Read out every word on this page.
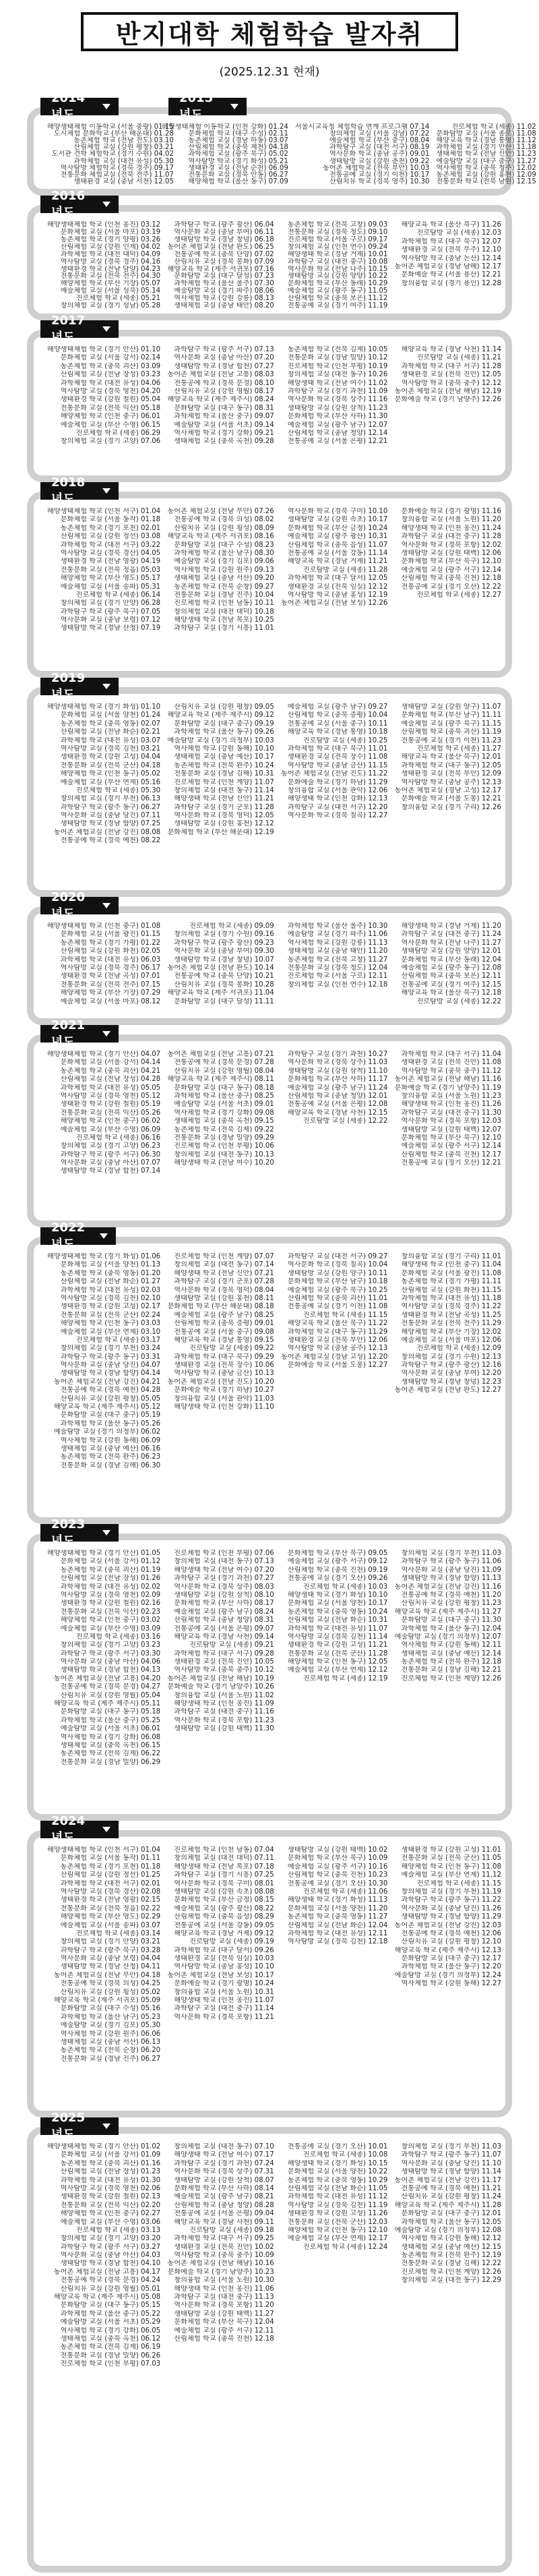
반지대학 체험학습 발자취
(2025.12.31 현재)
2014 년도
해양생태체험 이동학교 (서울 중랑) 01.15
도시체험 문화학교 (부산 해운대) 01.28
농촌체험 학교 (전남 진도) 03.10
산림체험 교실 (강원 평창) 03.21
도서관 견학 체험학교 (경기 수원) 04.02
과학체험 교실 (대전 유성) 05.30
역사탐방 체험학교 (경북 경주) 09.17
전통문화 체험교실 (전북 전주) 11.07
생태환경 교실 (충남 서천) 12.05
2015 년도
해양생태체험 이동학교 (인천 강화) 01.24
문화체험 학교 (대구 수성) 02.11
농촌체험 교실 (경남 하동) 03.07
산림체험 학교 (충북 제천) 04.18
과학체험 교실 (광주 북구) 05.02
역사탐방 학교 (경기 화성) 05.21
생태환경 교실 (전남 순천) 06.09
전통문화 교실 (경북 안동) 06.27
해양체험 학교 (울산 동구) 07.09
서울시교육청 체험학습 연계 프로그램 07.14
창의체험 교실 (서울 강남) 07.22
예술체험 학교 (부산 중구) 08.04
과학탐구 교실 (대전 서구) 08.19
역사문화 학교 (충남 공주) 09.01
생태탐방 교실 (강원 춘천) 09.22
농어촌 체험학교 (전북 부안) 10.03
전통공예 교실 (경기 이천) 10.17
산림치유 학교 (경북 영주) 10.30
진로체험 학교 (세종) 11.02
문화탐방 교실 (서울 종로) 11.08
해양교육 학교 (경남 통영) 11.12
과학체험 교실 (경기 안산) 11.18
생태체험 학교 (전남 신안) 11.23
예술탐방 교실 (대구 중구) 11.27
역사체험 학교 (충북 청주) 12.02
농촌체험 교실 (강원 홍천) 12.09
전통문화 학교 (전북 남원) 12.15
2016 년도
해양생태체험 학교 (인천 옹진) 03.12
문화체험 교실 (서울 마포) 03.19
농촌체험 학교 (경기 양평) 03.26
산림체험 교실 (강원 인제) 04.02
과학체험 학교 (대전 대덕) 04.09
역사탐방 교실 (경북 경주) 04.16
생태환경 학교 (전남 담양) 04.23
전통문화 교실 (전북 전주) 04.30
해양체험 학교 (부산 기장) 05.07
예술체험 교실 (서울 성북) 05.14
진로체험 학교 (세종) 05.21
창의체험 교실 (경기 성남) 05.28
과학탐구 학교 (광주 광산) 06.04
역사문화 교실 (충남 부여) 06.11
생태탐방 학교 (경남 창녕) 06.18
농어촌 체험교실 (전남 완도) 06.25
전통공예 학교 (충북 단양) 07.02
산림치유 교실 (경북 봉화) 07.09
해양교육 학교 (제주 서귀포) 07.16
문화탐방 교실 (대구 달성) 07.23
과학체험 학교 (울산 울주) 07.30
예술탐방 교실 (경기 파주) 08.06
역사체험 학교 (강원 강릉) 08.13
생태체험 교실 (충남 태안) 08.20
농촌체험 학교 (전북 고창) 09.03
전통문화 교실 (경북 청도) 09.10
진로체험 학교 (서울 구로) 09.17
창의체험 교실 (인천 연수) 09.24
해양생태 학교 (경남 거제) 10.01
과학탐구 교실 (대전 중구) 10.08
역사문화 학교 (전남 나주) 10.15
생태탐방 교실 (강원 양양) 10.22
문화체험 학교 (부산 동래) 10.29
예술체험 교실 (광주 동구) 11.05
산림체험 학교 (충북 보은) 11.12
전통공예 교실 (경기 여주) 11.19
해양교육 학교 (울산 북구) 11.26
진로탐방 교실 (세종) 12.03
과학체험 학교 (대구 북구) 12.07
생태환경 교실 (전북 무주) 12.10
역사탐방 학교 (충남 논산) 12.14
농어촌 체험교실 (경남 남해) 12.17
문화예술 학교 (서울 용산) 12.21
창의융합 교실 (경기 용인) 12.28
2017 년도
해양생태체험 학교 (경기 안산) 01.10
문화체험 교실 (서울 강서) 02.14
농촌체험 학교 (충북 괴산) 03.09
산림체험 교실 (전남 장성) 03.23
과학체험 학교 (대전 유성) 04.06
역사탐방 교실 (경북 영천) 04.20
생태환경 학교 (강원 철원) 05.04
전통문화 교실 (전북 익산) 05.18
해양체험 학교 (인천 중구) 06.01
예술체험 교실 (부산 수영) 06.15
진로체험 학교 (세종) 06.29
창의체험 교실 (경기 고양) 07.06
과학탐구 학교 (광주 서구) 07.13
역사문화 교실 (충남 아산) 07.20
생태탐방 학교 (경남 합천) 07.27
농어촌 체험교실 (전남 고흥) 08.03
전통공예 학교 (경북 문경) 08.10
산림치유 교실 (강원 영월) 08.17
해양교육 학교 (제주 제주시) 08.24
문화탐방 교실 (대구 동구) 08.31
과학체험 학교 (울산 중구) 09.07
예술탐방 교실 (서울 서초) 09.14
역사체험 학교 (경기 강화) 09.21
생태체험 교실 (충북 옥천) 09.28
농촌체험 학교 (전북 김제) 10.05
전통문화 교실 (경남 밀양) 10.12
진로체험 학교 (인천 부평) 10.19
창의체험 교실 (대전 동구) 10.26
해양생태 학교 (전남 여수) 11.02
과학탐구 교실 (경기 과천) 11.09
역사문화 학교 (경북 상주) 11.16
생태탐방 교실 (강원 삼척) 11.23
문화체험 학교 (부산 사하) 11.30
예술체험 교실 (광주 남구) 12.07
산림체험 학교 (충남 청양) 12.14
전통공예 교실 (서울 은평) 12.21
해양교육 학교 (경남 사천) 11.14
진로탐방 교실 (세종) 11.21
과학체험 학교 (대구 서구) 11.28
생태환경 교실 (전북 진안) 12.05
역사탐방 학교 (충북 충주) 12.12
농어촌 체험교실 (전남 해남) 12.19
문화예술 학교 (경기 남양주) 12.26
2018 년도
해양생태체험 학교 (인천 서구) 01.04
문화체험 교실 (서울 동작) 01.18
농촌체험 학교 (경기 포천) 02.01
산림체험 교실 (강원 정선) 03.08
과학체험 학교 (대전 서구) 03.22
역사탐방 교실 (경북 경산) 04.05
생태환경 학교 (전남 영광) 04.19
전통문화 교실 (전북 정읍) 05.03
해양체험 학교 (부산 영도) 05.17
예술체험 교실 (서울 송파) 05.31
진로체험 학교 (세종) 06.14
창의체험 교실 (경기 안양) 06.28
과학탐구 학교 (광주 북구) 07.05
역사문화 교실 (충남 보령) 07.12
생태탐방 학교 (경남 산청) 07.19
농어촌 체험교실 (전남 무안) 07.26
전통공예 학교 (경북 의성) 08.02
산림치유 교실 (강원 횡성) 08.09
해양교육 학교 (제주 서귀포) 08.16
문화탐방 교실 (대구 수성) 08.23
과학체험 학교 (울산 남구) 08.30
예술탐방 교실 (경기 김포) 09.06
역사체험 학교 (강원 원주) 09.13
생태체험 교실 (충남 서산) 09.20
농촌체험 학교 (전북 순창) 09.27
전통문화 교실 (경남 진주) 10.04
진로체험 학교 (인천 남동) 10.11
창의체험 교실 (대전 대덕) 10.18
해양생태 학교 (전남 목포) 10.25
과학탐구 교실 (경기 시흥) 11.01
역사문화 학교 (경북 구미) 10.10
생태탐방 교실 (강원 속초) 10.17
문화체험 학교 (부산 금정) 10.24
예술체험 교실 (광주 광산) 10.31
산림체험 학교 (충북 음성) 11.07
전통공예 교실 (서울 강동) 11.14
해양교육 학교 (경남 거제) 11.21
진로탐방 교실 (세종) 11.28
과학체험 학교 (대구 달서) 12.05
생태환경 교실 (전북 임실) 12.12
역사탐방 학교 (충남 홍성) 12.19
농어촌 체험교실 (전남 보성) 12.26
문화예술 학교 (경기 광명) 11.16
창의융합 교실 (서울 노원) 11.20
해양생태 학교 (인천 옹진) 11.24
과학탐구 교실 (대전 중구) 11.28
역사문화 학교 (경북 포항) 12.02
생태탐방 교실 (강원 태백) 12.06
문화체험 학교 (부산 북구) 12.10
예술체험 교실 (광주 서구) 12.14
산림체험 학교 (충북 진천) 12.18
전통공예 교실 (경기 오산) 12.22
진로체험 학교 (세종) 12.27
2019 년도
해양생태체험 학교 (경기 화성) 01.10
문화체험 교실 (서울 양천) 01.24
농촌체험 학교 (충북 영동) 02.07
산림체험 교실 (전남 화순) 02.21
과학체험 학교 (대전 유성) 03.07
역사탐방 교실 (경북 김천) 03.21
생태환경 학교 (강원 고성) 04.04
전통문화 교실 (전북 군산) 04.18
해양체험 학교 (인천 동구) 05.02
예술체험 교실 (부산 연제) 05.16
진로체험 학교 (세종) 05.30
창의체험 교실 (경기 부천) 06.13
과학탐구 학교 (광주 동구) 06.27
역사문화 교실 (충남 당진) 07.11
생태탐방 학교 (경남 함양) 07.25
농어촌 체험교실 (전남 강진) 08.08
전통공예 학교 (경북 예천) 08.22
산림치유 교실 (강원 평창) 09.05
해양교육 학교 (제주 제주시) 09.12
문화탐방 교실 (대구 중구) 09.19
과학체험 학교 (울산 동구) 09.26
예술탐방 교실 (경기 의정부) 10.03
역사체험 학교 (강원 동해) 10.10
생태체험 교실 (충남 예산) 10.17
농촌체험 학교 (전북 완주) 10.24
전통문화 교실 (경남 김해) 10.31
진로체험 학교 (인천 계양) 11.07
창의체험 교실 (대전 동구) 11.14
해양생태 학교 (전남 신안) 11.21
과학탐구 교실 (경기 군포) 11.28
역사문화 학교 (경북 영덕) 12.05
생태탐방 교실 (강원 홍천) 12.12
문화체험 학교 (부산 해운대) 12.19
예술체험 교실 (광주 남구) 09.27
산림체험 학교 (충북 증평) 10.04
전통공예 교실 (서울 중구) 10.11
해양교육 학교 (경남 통영) 10.18
진로탐방 교실 (세종) 10.25
과학체험 학교 (대구 북구) 11.01
생태환경 교실 (전북 장수) 11.08
역사탐방 학교 (충남 금산) 11.15
농어촌 체험교실 (전남 진도) 11.22
문화예술 학교 (경기 하남) 11.29
창의융합 교실 (서울 관악) 12.06
해양생태 학교 (인천 강화) 12.13
과학탐구 교실 (대전 서구) 12.20
역사문화 학교 (경북 칠곡) 12.27
생태탐방 교실 (강원 양구) 11.07
문화체험 학교 (부산 남구) 11.11
예술체험 교실 (광주 북구) 11.15
산림체험 학교 (충북 괴산) 11.19
전통공예 교실 (경기 이천) 11.23
진로체험 학교 (세종) 11.27
해양교육 학교 (울산 북구) 12.01
과학체험 학교 (대구 동구) 12.05
생태환경 교실 (전북 부안) 12.09
역사탐방 학교 (충남 공주) 12.13
농어촌 체험교실 (경남 고성) 12.17
문화예술 학교 (서울 도봉) 12.21
창의융합 교실 (경기 구리) 12.26
2020 년도
해양생태체험 학교 (인천 중구) 01.08
문화체험 교실 (서울 광진) 01.15
농촌체험 학교 (경기 가평) 01.22
산림체험 교실 (강원 화천) 02.05
과학체험 학교 (대전 유성) 06.03
역사탐방 교실 (경북 경주) 06.17
생태환경 학교 (전남 곡성) 07.01
전통문화 교실 (전북 전주) 07.15
해양체험 학교 (부산 기장) 07.29
예술체험 교실 (서울 마포) 08.12
진로체험 학교 (세종) 09.09
창의체험 교실 (경기 수원) 09.16
과학탐구 학교 (광주 광산) 09.23
역사문화 교실 (충남 부여) 09.30
생태탐방 학교 (경남 창녕) 10.07
농어촌 체험교실 (전남 완도) 10.14
전통공예 학교 (충북 단양) 10.21
산림치유 교실 (경북 봉화) 10.28
해양교육 학교 (제주 서귀포) 11.04
문화탐방 교실 (대구 달성) 11.11
과학체험 학교 (울산 울주) 10.30
예술탐방 교실 (경기 파주) 11.06
역사체험 학교 (강원 강릉) 11.13
생태체험 교실 (충남 태안) 11.20
농촌체험 학교 (전북 고창) 11.27
전통문화 교실 (경북 청도) 12.04
진로체험 학교 (서울 구로) 12.11
창의체험 교실 (인천 연수) 12.18
해양생태 학교 (경남 거제) 11.20
과학탐구 교실 (대전 중구) 11.24
역사문화 학교 (전남 나주) 11.27
생태탐방 교실 (강원 양양) 12.01
문화체험 학교 (부산 동래) 12.04
예술체험 교실 (광주 동구) 12.08
산림체험 학교 (충북 보은) 12.11
전통공예 교실 (경기 여주) 12.15
해양교육 학교 (울산 북구) 12.18
진로탐방 교실 (세종) 12.22
2021 년도
해양생태체험 학교 (경기 안산) 04.07
문화체험 교실 (서울 강서) 04.14
농촌체험 학교 (충북 괴산) 04.21
산림체험 교실 (전남 장성) 04.28
과학체험 학교 (대전 유성) 05.05
역사탐방 교실 (경북 영천) 05.12
생태환경 학교 (강원 철원) 05.19
전통문화 교실 (전북 익산) 05.26
해양체험 학교 (인천 중구) 06.02
예술체험 교실 (부산 수영) 06.09
진로체험 학교 (세종) 06.16
창의체험 교실 (경기 고양) 06.23
과학탐구 학교 (광주 서구) 06.30
역사문화 교실 (충남 아산) 07.07
생태탐방 학교 (경남 합천) 07.14
농어촌 체험교실 (전남 고흥) 07.21
전통공예 학교 (경북 문경) 07.28
산림치유 교실 (강원 영월) 08.04
해양교육 학교 (제주 제주시) 08.11
문화탐방 교실 (대구 동구) 08.18
과학체험 학교 (울산 중구) 08.25
예술탐방 교실 (서울 서초) 09.01
역사체험 학교 (경기 강화) 09.08
생태체험 교실 (충북 옥천) 09.15
농촌체험 학교 (전북 김제) 09.22
전통문화 교실 (경남 밀양) 09.29
진로체험 학교 (인천 부평) 10.06
창의체험 교실 (대전 동구) 10.13
해양생태 학교 (전남 여수) 10.20
과학탐구 교실 (경기 과천) 10.27
역사문화 학교 (경북 상주) 11.03
생태탐방 교실 (강원 삼척) 11.10
문화체험 학교 (부산 사하) 11.17
예술체험 교실 (광주 남구) 11.24
산림체험 학교 (충남 청양) 12.01
전통공예 교실 (서울 은평) 12.08
해양교육 학교 (경남 사천) 12.15
진로탐방 교실 (세종) 12.22
과학체험 학교 (대구 서구) 11.04
생태환경 교실 (전북 진안) 11.08
역사탐방 학교 (충북 충주) 11.12
농어촌 체험교실 (전남 해남) 11.16
문화예술 학교 (경기 남양주) 11.19
창의융합 교실 (서울 노원) 11.23
해양생태 학교 (인천 옹진) 11.26
과학탐구 교실 (대전 중구) 11.30
역사문화 학교 (경북 포항) 12.03
생태탐방 교실 (강원 태백) 12.07
문화체험 학교 (부산 북구) 12.10
예술체험 교실 (광주 서구) 12.14
산림체험 학교 (충북 진천) 12.17
전통공예 교실 (경기 오산) 12.21
2022년도
해양생태체험 학교 (경기 화성) 01.06
문화체험 교실 (서울 양천) 01.13
농촌체험 학교 (충북 영동) 01.20
산림체험 교실 (전남 화순) 01.27
과학체험 학교 (대전 유성) 02.03
역사탐방 교실 (경북 김천) 02.10
생태환경 학교 (강원 고성) 02.17
전통문화 교실 (전북 군산) 02.24
해양체험 학교 (인천 동구) 03.03
예술체험 교실 (부산 연제) 03.10
진로체험 학교 (세종) 03.17
창의체험 교실 (경기 부천) 03.24
과학탐구 학교 (광주 동구) 03.31
역사문화 교실 (충남 당진) 04.07
생태탐방 학교 (경남 함양) 04.14
농어촌 체험교실 (전남 강진) 04.21
전통공예 학교 (경북 예천) 04.28
산림치유 교실 (강원 평창) 05.05
해양교육 학교 (제주 제주시) 05.12
문화탐방 교실 (대구 중구) 05.19
과학체험 학교 (울산 동구) 05.26
예술탐방 교실 (경기 의정부) 06.02
역사체험 학교 (강원 동해) 06.09
생태체험 교실 (충남 예산) 06.16
농촌체험 학교 (전북 완주) 06.23
전통문화 교실 (경남 김해) 06.30
진로체험 학교 (인천 계양) 07.07
창의체험 교실 (대전 동구) 07.14
해양생태 학교 (전남 신안) 07.21
과학탐구 교실 (경기 군포) 07.28
역사문화 학교 (경북 영덕) 08.04
생태탐방 교실 (강원 홍천) 08.11
문화체험 학교 (부산 해운대) 08.18
예술체험 교실 (광주 남구) 08.25
산림체험 학교 (충북 증평) 09.01
전통공예 교실 (서울 중구) 09.08
해양교육 학교 (경남 통영) 09.15
진로탐방 교실 (세종) 09.22
과학체험 학교 (대구 북구) 09.29
생태환경 교실 (전북 장수) 10.06
역사탐방 학교 (충남 금산) 10.13
농어촌 체험교실 (전남 진도) 10.20
문화예술 학교 (경기 하남) 10.27
창의융합 교실 (서울 관악) 11.03
해양생태 학교 (인천 강화) 11.10
과학탐구 교실 (대전 서구) 09.27
역사문화 학교 (경북 칠곡) 10.04
생태탐방 교실 (강원 양구) 10.11
문화체험 학교 (부산 남구) 10.18
예술체험 교실 (광주 북구) 10.25
산림체험 학교 (충북 괴산) 11.01
전통공예 교실 (경기 이천) 11.08
진로체험 학교 (세종) 11.15
해양교육 학교 (울산 북구) 11.22
과학체험 학교 (대구 동구) 11.29
생태환경 교실 (전북 부안) 12.06
역사탐방 학교 (충남 공주) 12.13
농어촌 체험교실 (경남 고성) 12.20
문화예술 학교 (서울 도봉) 12.27
창의융합 교실 (경기 구리) 11.01
해양생태 학교 (인천 중구) 11.04
문화체험 교실 (서울 광진) 11.08
농촌체험 학교 (경기 가평) 11.11
산림체험 교실 (강원 화천) 11.15
과학체험 학교 (대전 유성) 11.18
역사탐방 교실 (경북 경주) 11.22
생태환경 학교 (전남 곡성) 11.25
전통문화 교실 (전북 전주) 11.29
해양체험 학교 (부산 기장) 12.02
예술체험 교실 (서울 마포) 12.06
진로체험 학교 (세종) 12.09
창의체험 교실 (경기 수원) 12.13
과학탐구 학교 (광주 광산) 12.16
역사문화 교실 (충남 부여) 12.20
생태탐방 학교 (경남 창녕) 12.23
농어촌 체험교실 (전남 완도) 12.27
2023 년도
해양생태체험 학교 (경기 안산) 01.05
문화체험 교실 (서울 강서) 01.12
농촌체험 학교 (충북 괴산) 01.19
산림체험 교실 (전남 장성) 01.26
과학체험 학교 (대전 유성) 02.02
역사탐방 교실 (경북 영천) 02.09
생태환경 학교 (강원 철원) 02.16
전통문화 교실 (전북 익산) 02.23
해양체험 학교 (인천 중구) 03.02
예술체험 교실 (부산 수영) 03.09
진로체험 학교 (세종) 03.16
창의체험 교실 (경기 고양) 03.23
과학탐구 학교 (광주 서구) 03.30
역사문화 교실 (충남 아산) 04.06
생태탐방 학교 (경남 합천) 04.13
농어촌 체험교실 (전남 고흥) 04.20
전통공예 학교 (경북 문경) 04.27
산림치유 교실 (강원 영월) 05.04
해양교육 학교 (제주 제주시) 05.11
문화탐방 교실 (대구 동구) 05.18
과학체험 학교 (울산 중구) 05.25
예술탐방 교실 (서울 서초) 06.01
역사체험 학교 (경기 강화) 06.08
생태체험 교실 (충북 옥천) 06.15
농촌체험 학교 (전북 김제) 06.22
전통문화 교실 (경남 밀양) 06.29
진로체험 학교 (인천 부평) 07.06
창의체험 교실 (대전 동구) 07.13
해양생태 학교 (전남 여수) 07.20
과학탐구 교실 (경기 과천) 07.27
역사문화 학교 (경북 상주) 08.03
생태탐방 교실 (강원 삼척) 08.10
문화체험 학교 (부산 사하) 08.17
예술체험 교실 (광주 남구) 08.24
산림체험 학교 (충남 청양) 08.31
전통공예 교실 (서울 은평) 09.07
해양교육 학교 (경남 사천) 09.14
진로탐방 교실 (세종) 09.21
과학체험 학교 (대구 서구) 09.28
생태환경 교실 (전북 진안) 10.05
역사탐방 학교 (충북 충주) 10.12
농어촌 체험교실 (전남 해남) 10.19
문화예술 학교 (경기 남양주) 10.26
창의융합 교실 (서울 노원) 11.02
해양생태 학교 (인천 옹진) 11.09
과학탐구 교실 (대전 중구) 11.16
역사문화 학교 (경북 포항) 11.23
생태탐방 교실 (강원 태백) 11.30
문화체험 학교 (부산 북구) 09.05
예술체험 교실 (광주 서구) 09.12
산림체험 학교 (충북 진천) 09.19
전통공예 교실 (경기 오산) 09.26
진로체험 학교 (세종) 10.03
해양생태 학교 (경기 화성) 10.10
문화체험 교실 (서울 양천) 10.17
농촌체험 학교 (충북 영동) 10.24
산림체험 교실 (전남 화순) 10.31
과학체험 학교 (대전 유성) 11.07
역사탐방 교실 (경북 김천) 11.14
생태환경 학교 (강원 고성) 11.21
전통문화 교실 (전북 군산) 11.28
해양체험 학교 (인천 동구) 12.05
예술체험 교실 (부산 연제) 12.12
진로체험 학교 (세종) 12.19
창의체험 교실 (경기 부천) 11.03
과학탐구 학교 (광주 동구) 11.06
역사문화 교실 (충남 당진) 11.09
생태탐방 학교 (경남 함양) 11.13
농어촌 체험교실 (전남 강진) 11.16
전통공예 학교 (경북 예천) 11.20
산림치유 교실 (강원 평창) 11.23
해양교육 학교 (제주 제주시) 11.27
문화탐방 교실 (대구 중구) 11.30
과학체험 학교 (울산 동구) 12.04
예술탐방 교실 (경기 의정부) 12.07
역사체험 학교 (강원 동해) 12.11
생태체험 교실 (충남 예산) 12.14
농촌체험 학교 (전북 완주) 12.18
전통문화 교실 (경남 김해) 12.21
진로체험 학교 (인천 계양) 12.26
2024 년도
해양생태체험 학교 (인천 서구) 01.04
문화체험 교실 (서울 동작) 01.11
농촌체험 학교 (경기 포천) 01.18
산림체험 교실 (강원 정선) 01.25
과학체험 학교 (대전 서구) 02.01
역사탐방 교실 (경북 경산) 02.08
생태환경 학교 (전남 영광) 02.15
전통문화 교실 (전북 정읍) 02.22
해양체험 학교 (부산 영도) 02.29
예술체험 교실 (서울 송파) 03.07
진로체험 학교 (세종) 03.14
창의체험 교실 (경기 안양) 03.21
과학탐구 학교 (광주 북구) 03.28
역사문화 교실 (충남 보령) 04.04
생태탐방 학교 (경남 산청) 04.11
농어촌 체험교실 (전남 무안) 04.18
전통공예 학교 (경북 의성) 04.25
산림치유 교실 (강원 횡성) 05.02
해양교육 학교 (제주 서귀포) 05.09
문화탐방 교실 (대구 수성) 05.16
과학체험 학교 (울산 남구) 05.23
예술탐방 교실 (경기 김포) 05.30
역사체험 학교 (강원 원주) 06.06
생태체험 교실 (충남 서산) 06.13
농촌체험 학교 (전북 순창) 06.20
전통문화 교실 (경남 진주) 06.27
진로체험 학교 (인천 남동) 07.04
창의체험 교실 (대전 대덕) 07.11
해양생태 학교 (전남 목포) 07.18
과학탐구 교실 (경기 시흥) 07.25
역사문화 학교 (경북 구미) 08.01
생태탐방 교실 (강원 속초) 08.08
문화체험 학교 (부산 금정) 08.15
예술체험 교실 (광주 광산) 08.22
산림체험 학교 (충북 음성) 08.29
전통공예 교실 (서울 강동) 09.05
해양교육 학교 (경남 거제) 09.12
진로탐방 교실 (세종) 09.19
과학체험 학교 (대구 달서) 09.26
생태환경 교실 (전북 임실) 10.03
역사탐방 학교 (충남 홍성) 10.10
농어촌 체험교실 (전남 보성) 10.17
문화예술 학교 (경기 광명) 10.24
창의융합 교실 (서울 노원) 10.31
해양생태 학교 (인천 옹진) 11.07
과학탐구 교실 (대전 중구) 11.14
역사문화 학교 (경북 포항) 11.21
생태탐방 교실 (강원 태백) 10.02
문화체험 학교 (부산 북구) 10.09
예술체험 교실 (광주 서구) 10.16
산림체험 학교 (충북 진천) 10.23
전통공예 교실 (경기 오산) 10.30
진로체험 학교 (세종) 11.06
해양생태 학교 (경기 화성) 11.13
문화체험 교실 (서울 양천) 11.20
농촌체험 학교 (충북 영동) 11.27
산림체험 교실 (전남 화순) 12.04
과학체험 학교 (대전 유성) 12.11
역사탐방 교실 (경북 김천) 12.18
생태환경 학교 (강원 고성) 11.01
전통문화 교실 (전북 군산) 11.05
해양체험 학교 (인천 동구) 11.08
예술체험 교실 (부산 연제) 11.12
진로체험 학교 (세종) 11.15
창의체험 교실 (경기 부천) 11.19
과학탐구 학교 (광주 동구) 11.22
역사문화 교실 (충남 당진) 11.26
생태탐방 학교 (경남 함양) 11.29
농어촌 체험교실 (전남 강진) 12.03
전통공예 학교 (경북 예천) 12.06
산림치유 교실 (강원 평창) 12.10
해양교육 학교 (제주 제주시) 12.13
문화탐방 교실 (대구 중구) 12.17
과학체험 학교 (울산 동구) 12.20
예술탐방 교실 (경기 의정부) 12.24
역사체험 학교 (강원 동해) 12.27
2025 년도
해양생태체험 학교 (경기 안산) 01.02
문화체험 교실 (서울 강서) 01.09
농촌체험 학교 (충북 괴산) 01.16
산림체험 교실 (전남 장성) 01.23
과학체험 학교 (대전 유성) 01.30
역사탐방 교실 (경북 영천) 02.06
생태환경 학교 (강원 철원) 02.13
전통문화 교실 (전북 익산) 02.20
해양체험 학교 (인천 중구) 02.27
예술체험 교실 (부산 수영) 03.06
진로체험 학교 (세종) 03.13
창의체험 교실 (경기 고양) 03.20
과학탐구 학교 (광주 서구) 03.27
역사문화 교실 (충남 아산) 04.03
생태탐방 학교 (경남 합천) 04.10
농어촌 체험교실 (전남 고흥) 04.17
전통공예 학교 (경북 문경) 04.24
산림치유 교실 (강원 영월) 05.01
해양교육 학교 (제주 제주시) 05.08
문화탐방 교실 (대구 동구) 05.15
과학체험 학교 (울산 중구) 05.22
예술탐방 교실 (서울 서초) 05.29
역사체험 학교 (경기 강화) 06.05
생태체험 교실 (충북 옥천) 06.12
농촌체험 학교 (전북 김제) 06.19
전통문화 교실 (경남 밀양) 06.26
진로체험 학교 (인천 부평) 07.03
창의체험 교실 (대전 동구) 07.10
해양생태 학교 (전남 여수) 07.17
과학탐구 교실 (경기 과천) 07.24
역사문화 학교 (경북 상주) 07.31
생태탐방 교실 (강원 삼척) 08.07
문화체험 학교 (부산 사하) 08.14
예술체험 교실 (광주 남구) 08.21
산림체험 학교 (충남 청양) 08.28
전통공예 교실 (서울 은평) 09.04
해양교육 학교 (경남 사천) 09.11
진로탐방 교실 (세종) 09.18
과학체험 학교 (대구 서구) 09.25
생태환경 교실 (전북 진안) 10.02
역사탐방 학교 (충북 충주) 10.09
농어촌 체험교실 (전남 해남) 10.16
문화예술 학교 (경기 남양주) 10.23
창의융합 교실 (서울 노원) 10.30
해양생태 학교 (인천 옹진) 11.06
과학탐구 교실 (대전 중구) 11.13
역사문화 학교 (경북 포항) 11.20
생태탐방 교실 (강원 태백) 11.27
문화체험 학교 (부산 북구) 12.04
예술체험 교실 (광주 서구) 12.11
산림체험 학교 (충북 진천) 12.18
전통공예 교실 (경기 오산) 10.01
진로체험 학교 (세종) 10.08
해양생태 학교 (경기 화성) 10.15
문화체험 교실 (서울 양천) 10.22
농촌체험 학교 (충북 영동) 10.29
산림체험 교실 (전남 화순) 11.05
과학체험 학교 (대전 유성) 11.12
역사탐방 교실 (경북 김천) 11.19
생태환경 학교 (강원 고성) 11.26
전통문화 교실 (전북 군산) 12.03
해양체험 학교 (인천 동구) 12.10
예술체험 교실 (부산 연제) 12.17
진로체험 학교 (세종) 12.24
창의체험 교실 (경기 부천) 11.03
과학탐구 학교 (광주 동구) 11.07
역사문화 교실 (충남 당진) 11.10
생태탐방 학교 (경남 함양) 11.14
농어촌 체험교실 (전남 강진) 11.17
전통공예 학교 (경북 예천) 11.21
산림치유 교실 (강원 평창) 11.24
해양교육 학교 (제주 제주시) 11.28
문화탐방 교실 (대구 중구) 12.01
과학체험 학교 (울산 동구) 12.05
예술탐방 교실 (경기 의정부) 12.08
역사체험 학교 (강원 동해) 12.12
생태체험 교실 (충남 예산) 12.15
농촌체험 학교 (전북 완주) 12.19
전통문화 교실 (경남 김해) 12.22
진로체험 학교 (인천 계양) 12.26
창의체험 교실 (대전 동구) 12.29
